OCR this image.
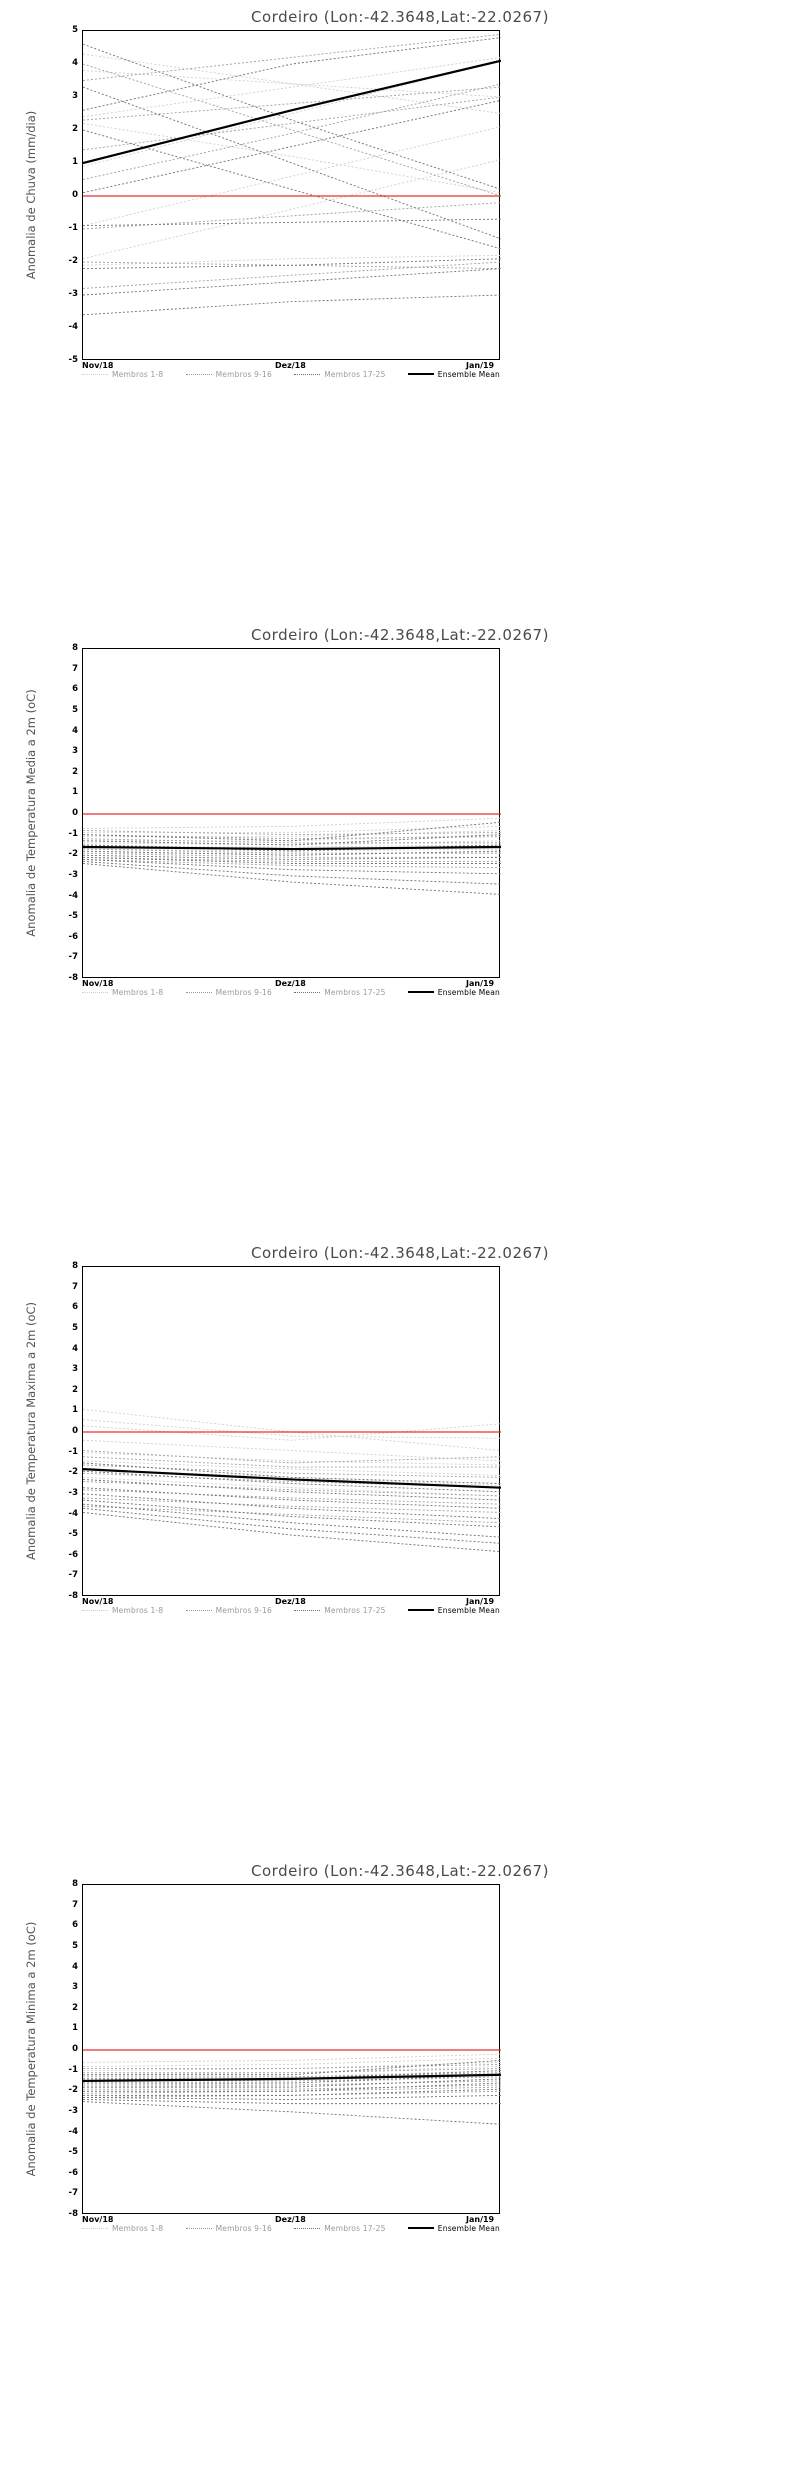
Cordeiro (Lon:-42.3648,Lat:-22.0267)
Anomalia de Chuva (mm/dia)
5
4
3
2
1
0
-1
-2
-3
-4
-5
Nov/18	Dez/18	Jan/19
Membros 1-8	Membros 9-16	Membros 17-25	Ensemble Mean
Cordeiro (Lon:-42.3648,Lat:-22.0267)
Anomalia de Temperatura Media a 2m (oC)
8
7
6
5
4
3
2
1
0
-1
-2
-3
-4
-5
-6
-7
-8
Nov/18	Dez/18	Jan/19
Membros 1-8	Membros 9-16	Membros 17-25	Ensemble Mean
Cordeiro (Lon:-42.3648,Lat:-22.0267)
Anomalia de Temperatura Maxima a 2m (oC)
8
7
6
5
4
3
2
1
0
-1
-2
-3
-4
-5
-6
-7
-8
Nov/18	Dez/18	Jan/19
Membros 1-8	Membros 9-16	Membros 17-25	Ensemble Mean
Cordeiro (Lon:-42.3648,Lat:-22.0267)
Anomalia de Temperatura Minima a 2m (oC)
8
7
6
5
4
3
2
1
0
-1
-2
-3
-4
-5
-6
-7
-8
Nov/18	Dez/18	Jan/19
Membros 1-8	Membros 9-16	Membros 17-25	Ensemble Mean
